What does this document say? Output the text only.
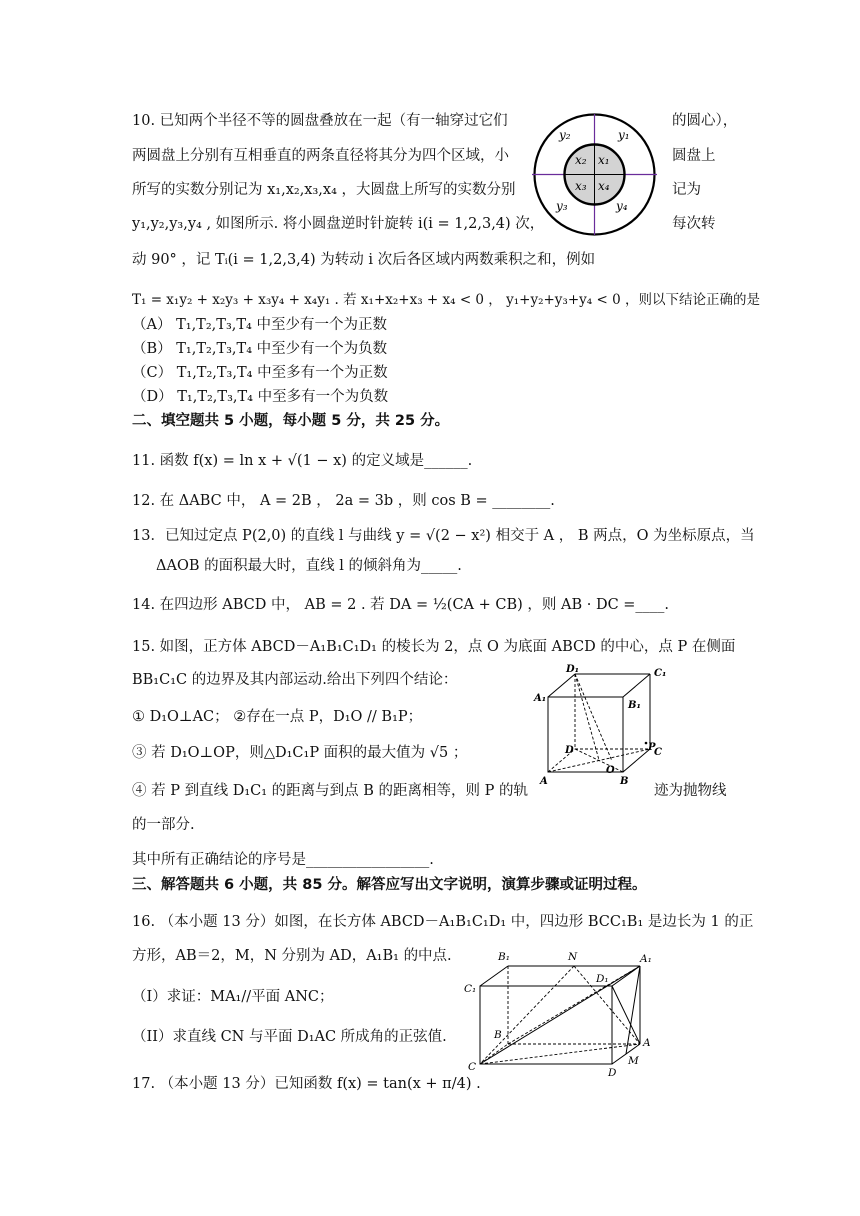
10. 已知两个半径不等的圆盘叠放在一起（有一轴穿过它们
两圆盘上分别有互相垂直的两条直径将其分为四个区域，小
所写的实数分别记为 x₁,x₂,x₃,x₄ ，大圆盘上所写的实数分别
y₁,y₂,y₃,y₄ , 如图所示. 将小圆盘逆时针旋转 i(i = 1,2,3,4) 次，
动 90° ，记 Tᵢ(i = 1,2,3,4) 为转动 i 次后各区域内两数乘积之和，例如
T₁ = x₁y₂ + x₂y₃ + x₃y₄ + x₄y₁ . 若 x₁+x₂+x₃ + x₄ < 0 ， y₁+y₂+y₃+y₄ < 0 ，则以下结论正确的是
的圆心），
圆盘上
记为
每次转
x₂ x₁
x₃ x₄
y₂	y₁
y₃	y₄
（A） T₁,T₂,T₃,T₄ 中至少有一个为正数
（B） T₁,T₂,T₃,T₄ 中至少有一个为负数
（C） T₁,T₂,T₃,T₄ 中至多有一个为正数
（D） T₁,T₂,T₃,T₄ 中至多有一个为负数
二、填空题共 5 小题，每小题 5 分，共 25 分。
11. 函数 f(x) = ln x + √(1 − x) 的定义域是______.
12. 在 ΔABC 中， A = 2B ， 2a = 3b ，则 cos B = ________.
13．已知过定点 P(2,0) 的直线 l 与曲线 y = √(2 − x²) 相交于 A ， B 两点，O 为坐标原点，当
ΔAOB 的面积最大时，直线 l 的倾斜角为_____.
14. 在四边形 ABCD 中， AB = 2 . 若 DA = ½(CA + CB) ，则 AB · DC =____.
15. 如图，正方体 ABCD－A₁B₁C₁D₁ 的棱长为 2，点 O 为底面 ABCD 的中心，点 P 在侧面
BB₁C₁C 的边界及其内部运动.给出下列四个结论：
① D₁O⊥AC； ②存在一点 P，D₁O // B₁P；
③ 若 D₁O⊥OP，则△D₁C₁P 面积的最大值为 √5 ；
④ 若 P 到直线 D₁C₁ 的距离与到点 B 的距离相等，则 P 的轨	迹为抛物线
的一部分.
其中所有正确结论的序号是_________________.
D₁	C₁
A₁
B₁
D	C
A	B
O
P
三、解答题共 6 小题，共 85 分。解答应写出文字说明，演算步骤或证明过程。
16. （本小题 13 分）如图，在长方体 ABCD－A₁B₁C₁D₁ 中，四边形 BCC₁B₁ 是边长为 1 的正
方形，AB＝2，M，N 分别为 AD，A₁B₁ 的中点.
（I）求证：MA₁//平面 ANC；
（II）求直线 CN 与平面 D₁AC 所成角的正弦值.
B₁	N	A₁
C₁
D₁
B
A
C	D
M
17. （本小题 13 分）已知函数 f(x) = tan(x + π/4) .
